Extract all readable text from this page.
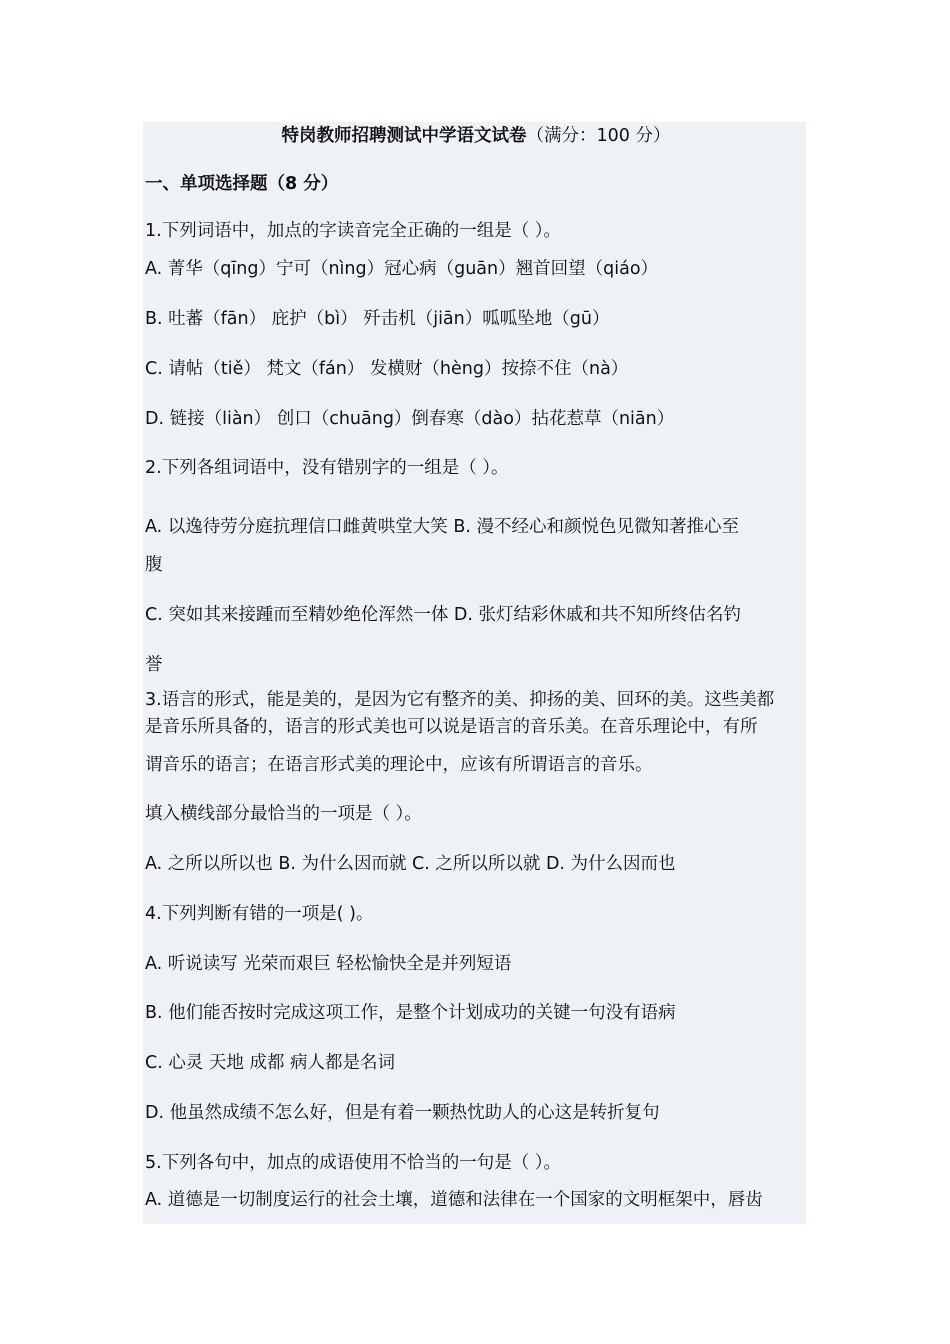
特岗教师招聘测试中学语文试卷（满分：100 分）
一、单项选择题（8 分）
1.下列词语中，加点的字读音完全正确的一组是（ ）。
A. 菁华（qīng）宁可（nìng）冠心病（guān）翘首回望（qiáo）
B. 吐蕃（fān） 庇护（bì） 歼击机（jiān）呱呱坠地（gū）
C. 请帖（tiě） 梵文（fán） 发横财（hèng）按捺不住（nà）
D. 链接（liàn） 创口（chuāng）倒春寒（dào）拈花惹草（niān）
2.下列各组词语中，没有错别字的一组是（ ）。
A. 以逸待劳分庭抗理信口雌黄哄堂大笑 B. 漫不经心和颜悦色见微知著推心至
腹
C. 突如其来接踵而至精妙绝伦浑然一体 D. 张灯结彩休戚和共不知所终估名钓
誉
3.语言的形式，能是美的，是因为它有整齐的美、抑扬的美、回环的美。这些美都
是音乐所具备的，语言的形式美也可以说是语言的音乐美。在音乐理论中，有所
谓音乐的语言；在语言形式美的理论中，应该有所谓语言的音乐。
填入横线部分最恰当的一项是（ ）。
A. 之所以所以也 B. 为什么因而就 C. 之所以所以就 D. 为什么因而也
4.下列判断有错的一项是( )。
A. 听说读写 光荣而艰巨 轻松愉快全是并列短语
B. 他们能否按时完成这项工作，是整个计划成功的关键一句没有语病
C. 心灵 天地 成都 病人都是名词
D. 他虽然成绩不怎么好，但是有着一颗热忱助人的心这是转折复句
5.下列各句中，加点的成语使用不恰当的一句是（ ）。
A. 道德是一切制度运行的社会土壤，道德和法律在一个国家的文明框架中，唇齿
